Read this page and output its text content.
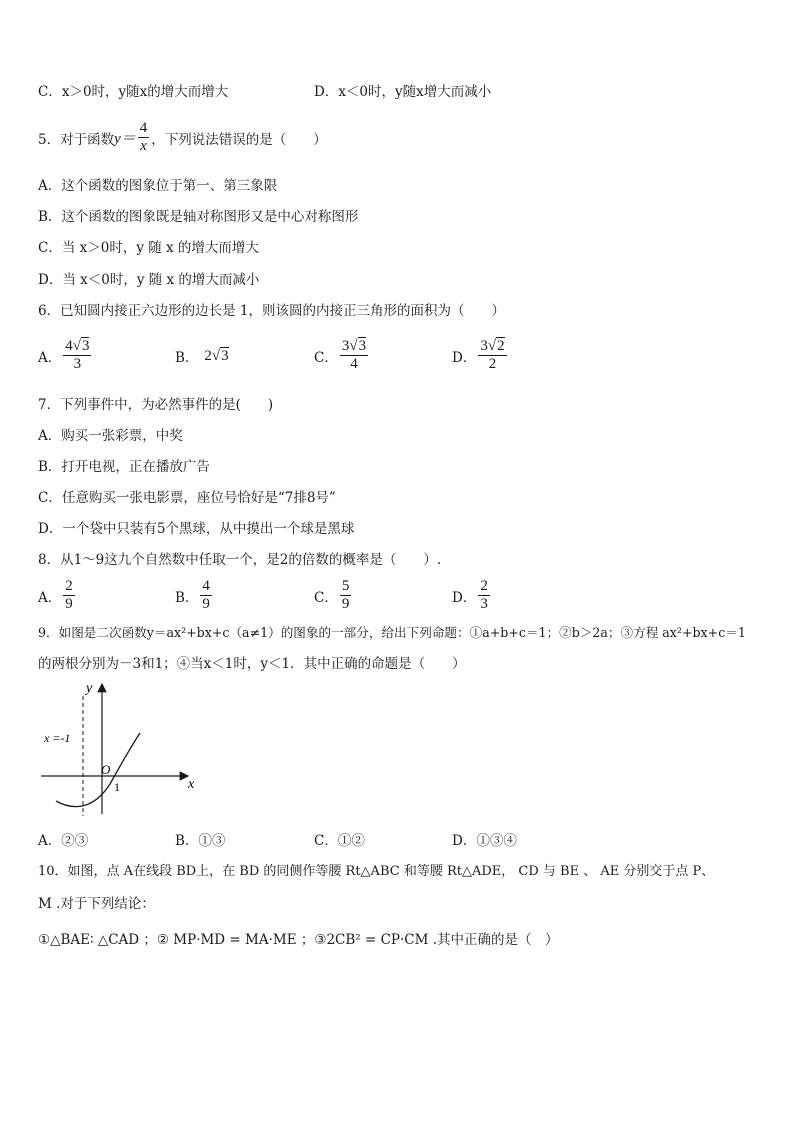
C．x＞0时，y随x的增大而增大	D．x＜0时，y随x增大而减小
5．对于函数 $y= \frac{4}{x}$ ，下列说法错误的是（　　）
A．这个函数的图象位于第一、第三象限
B．这个函数的图象既是轴对称图形又是中心对称图形
C．当 x＞0时，y 随 x 的增大而增大
D．当 x＜0时，y 随 x 的增大而减小
6．已知圆内接正六边形的边长是 1，则该圆的内接正三角形的面积为（　　）
A． $\frac{4√3}{3}$	B． 2√3	C． $\frac{3√3}{4}$	D． $\frac{3√2}{2}$
7．下列事件中，为必然事件的是(　　)
A．购买一张彩票，中奖
B．打开电视，正在播放广告
C．任意购买一张电影票，座位号恰好是“7排8号”
D．一个袋中只装有5个黑球，从中摸出一个球是黑球
8．从1～9这九个自然数中任取一个，是2的倍数的概率是（　　）.
A． $\frac{2}{9}$	B． $\frac{4}{9}$	C． $\frac{5}{9}$	D． $\frac{2}{3}$
9．如图是二次函数y＝ax²+bx+c（a≠1）的图象的一部分，给出下列命题：①a+b+c＝1；②b＞2a；③方程 ax²+bx+c＝1
的两根分别为－3和1；④当x＜1时，y＜1．其中正确的命题是（　　）
y
x
O
x =-1
1
A．②③	B．①③	C．①②	D．①③④
10．如图，点 A在线段 BD上，在 BD 的同侧作等腰 Rt△ABC 和等腰 Rt△ADE， CD 与 BE 、 AE 分别交于点 P、
M .对于下列结论：
①△BAE∶ △CAD ；② MP·MD = MA·ME ；③2CB² = CP·CM .其中正确的是（　）
